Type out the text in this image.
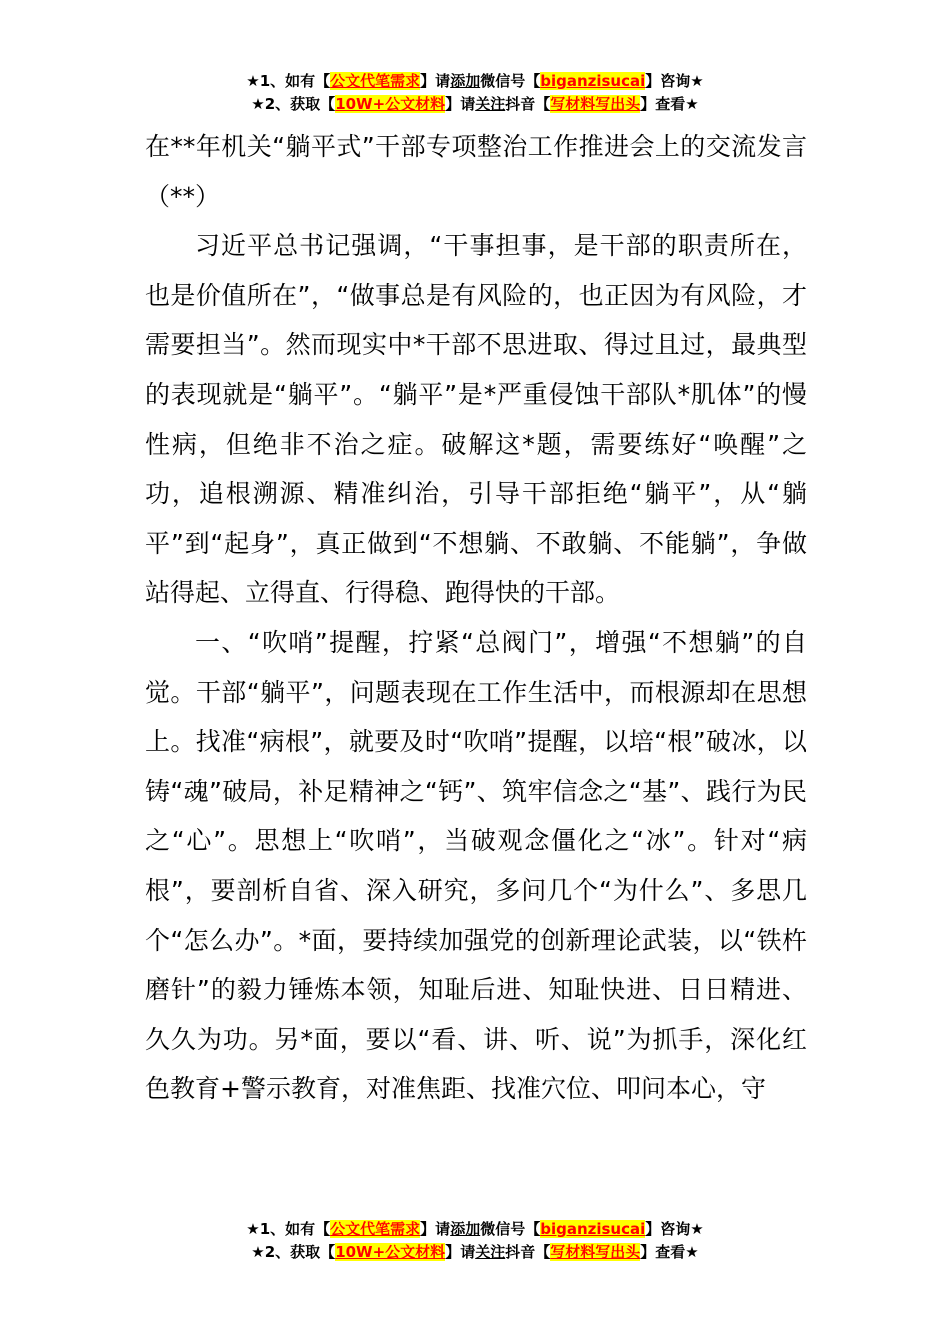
★1、如有【公文代笔需求】请添加微信号【biganzisucai】咨询★
★2、获取【10W+公文材料】请关注抖音【写材料写出头】查看★

在**年机关“躺平式”干部专项整治工作推进会上的交流发言（**）

习近平总书记强调，“干事担事，是干部的职责所在，也是价值所在”，“做事总是有风险的，也正因为有风险，才需要担当”。然而现实中*干部不思进取、得过且过，最典型的表现就是“躺平”。“躺平”是*严重侵蚀干部队*肌体”的慢性病，但绝非不治之症。破解这*题，需要练好“唤醒”之功，追根溯源、精准纠治，引导干部拒绝“躺平”，从“躺平”到“起身”，真正做到“不想躺、不敢躺、不能躺”，争做站得起、立得直、行得稳、跑得快的干部。

一、“吹哨”提醒，拧紧“总阀门”，增强“不想躺”的自觉。干部“躺平”，问题表现在工作生活中，而根源却在思想上。找准“病根”，就要及时“吹哨”提醒，以培“根”破冰，以铸“魂”破局，补足精神之“钙”、筑牢信念之“基”、践行为民之“心”。思想上“吹哨”，当破观念僵化之“冰”。针对“病根”，要剖析自省、深入研究，多问几个“为什么”、多思几个“怎么办”。*面，要持续加强党的创新理论武装，以“铁杵磨针”的毅力锤炼本领，知耻后进、知耻快进、日日精进、久久为功。另*面，要以“看、讲、听、说”为抓手，深化红色教育+警示教育，对准焦距、找准穴位、叩问本心，守

★1、如有【公文代笔需求】请添加微信号【biganzisucai】咨询★
★2、获取【10W+公文材料】请关注抖音【写材料写出头】查看★
